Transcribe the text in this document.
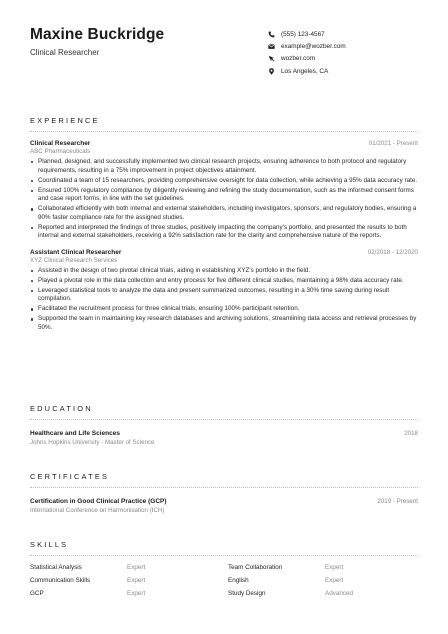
Maxine Buckridge
Clinical Researcher
(555) 123-4567
example@wozber.com
wozber.com
Los Angeles, CA
EXPERIENCE
Clinical Researcher	01/2021 - Present
ABC Pharmaceuticals
Planned, designed, and successfully implemented two clinical research projects, ensuring adherence to both protocol and regulatory requirements, resulting in a 75% improvement in project objectives attainment.
Coordinated a team of 15 researchers, providing comprehensive oversight for data collection, while achieving a 95% data accuracy rate.
Ensured 100% regulatory compliance by diligently reviewing and refining the study documentation, such as the informed consent forms and case report forms, in line with the set guidelines.
Collaborated efficiently with both internal and external stakeholders, including investigators, sponsors, and regulatory bodies, ensuring a 90% faster compliance rate for the assigned studies.
Reported and interpreted the findings of three studies, positively impacting the company's portfolio, and presented the results to both internal and external stakeholders, receiving a 92% satisfaction rate for the clarity and comprehensive nature of the reports.
Assistant Clinical Researcher	02/2018 - 12/2020
XYZ Clinical Research Services
Assisted in the design of two pivotal clinical trials, aiding in establishing XYZ's portfolio in the field.
Played a pivotal role in the data collection and entry process for five different clinical studies, maintaining a 98% data accuracy rate.
Leveraged statistical tools to analyze the data and present summarized outcomes, resulting in a 30% time saving during result compilation.
Facilitated the recruitment process for three clinical trials, ensuring 100% participant retention.
Supported the team in maintaining key research databases and archiving solutions, streamlining data access and retrieval processes by 50%.
EDUCATION
Healthcare and Life Sciences	2018
Johns Hopkins University - Master of Science
CERTIFICATES
Certification in Good Clinical Practice (GCP)	2019 - Present
International Conference on Harmonisation (ICH)
SKILLS
Statistical Analysis	Expert	Team Collaboration	Expert
Communication Skills	Expert	English	Expert
GCP	Expert	Study Design	Advanced
